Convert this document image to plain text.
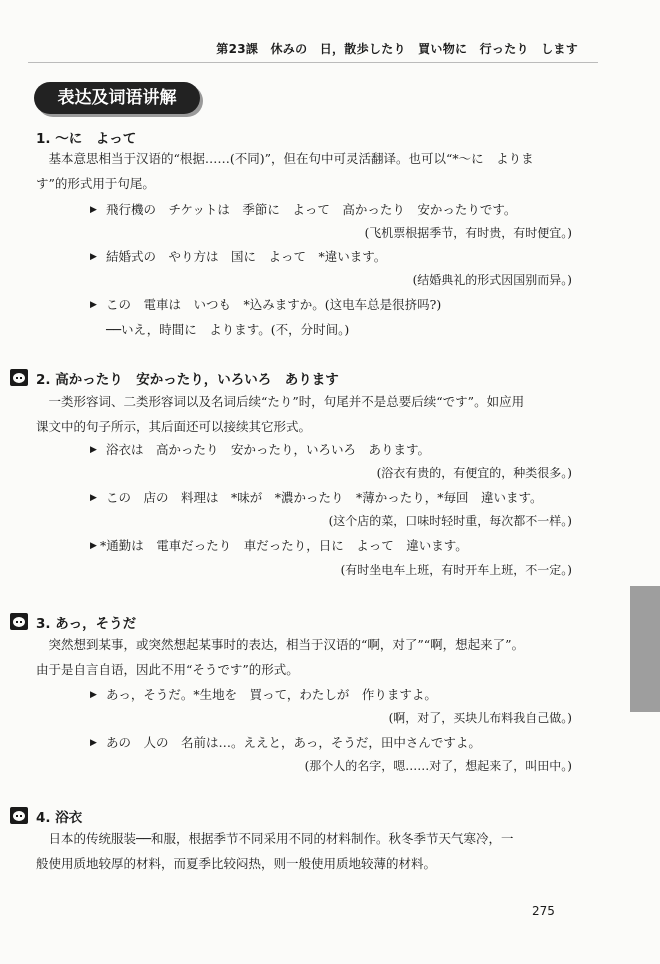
第23課　休みの　日，散歩したり　買い物に　行ったり　します
表达及词语讲解
1. ～に　よって
　基本意思相当于汉语的“根据……(不同)”，但在句中可灵活翻译。也可以“*～に　よりま
す”的形式用于句尾。
▶ 飛行機の　チケットは　季節に　よって　高かったり　安かったりです。
(飞机票根据季节，有时贵，有时便宜。)
▶ 結婚式の　やり方は　国に　よって　*違います。
(结婚典礼的形式因国别而异。)
▶ この　電車は　いつも　*込みますか。(这电车总是很挤吗?)
──いえ，時間に　よります。(不，分时间。)
2. 高かったり　安かったり，いろいろ　あります
　一类形容词、二类形容词以及名词后续“たり”时，句尾并不是总要后续“です”。如应用
课文中的句子所示，其后面还可以接续其它形式。
▶ 浴衣は　高かったり　安かったり，いろいろ　あります。
(浴衣有贵的，有便宜的，种类很多。)
▶ この　店の　料理は　*味が　*濃かったり　*薄かったり，*毎回　違います。
(这个店的菜，口味时轻时重，每次都不一样。)
▶ *通勤は　電車だったり　車だったり，日に　よって　違います。
(有时坐电车上班，有时开车上班，不一定。)
3. あっ，そうだ
　突然想到某事，或突然想起某事时的表达，相当于汉语的“啊，对了”“啊，想起来了”。
由于是自言自语，因此不用“そうです”的形式。
▶ あっ，そうだ。*生地を　買って，わたしが　作りますよ。
(啊，对了，买块儿布料我自己做。)
▶ あの　人の　名前は…。ええと，あっ，そうだ，田中さんですよ。
(那个人的名字，嗯……对了，想起来了，叫田中。)
4. 浴衣
　日本的传统服装──和服，根据季节不同采用不同的材料制作。秋冬季节天气寒冷，一
般使用质地较厚的材料，而夏季比较闷热，则一般使用质地较薄的材料。
275
